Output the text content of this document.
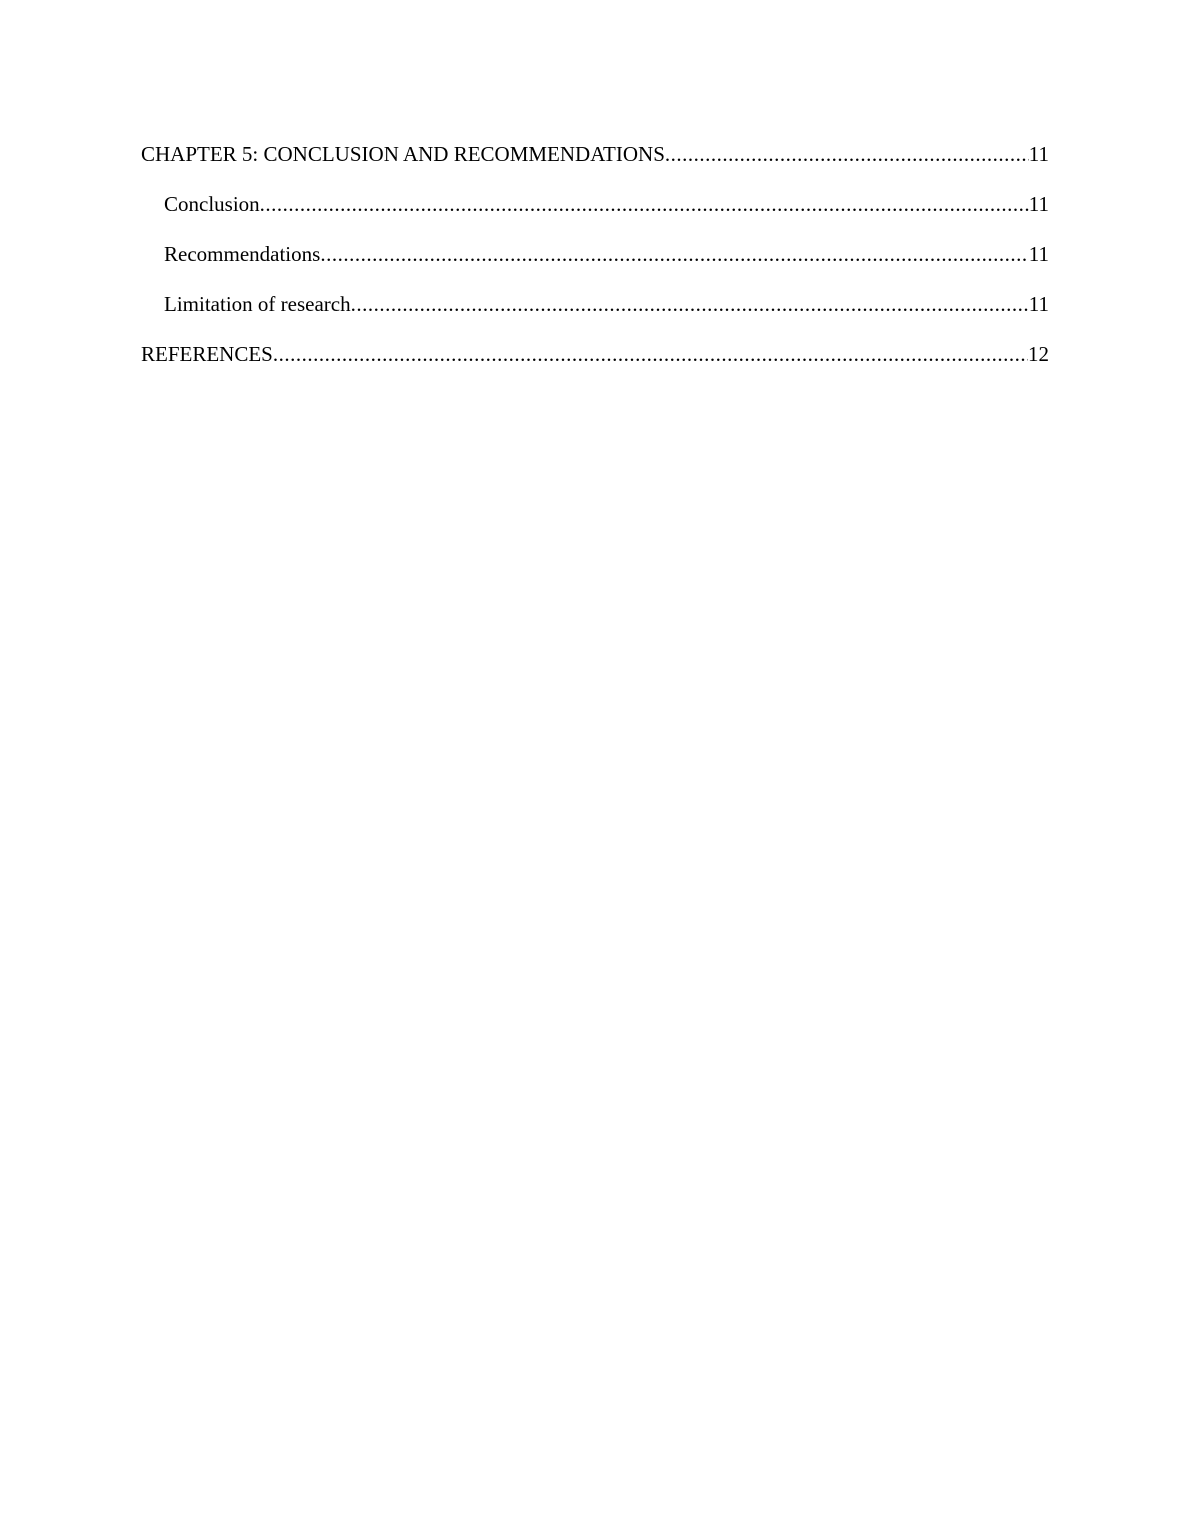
CHAPTER 5: CONCLUSION AND RECOMMENDATIONS .....	11
Conclusion .....	11
Recommendations .....	11
Limitation of research .....	11
REFERENCES .....	12
